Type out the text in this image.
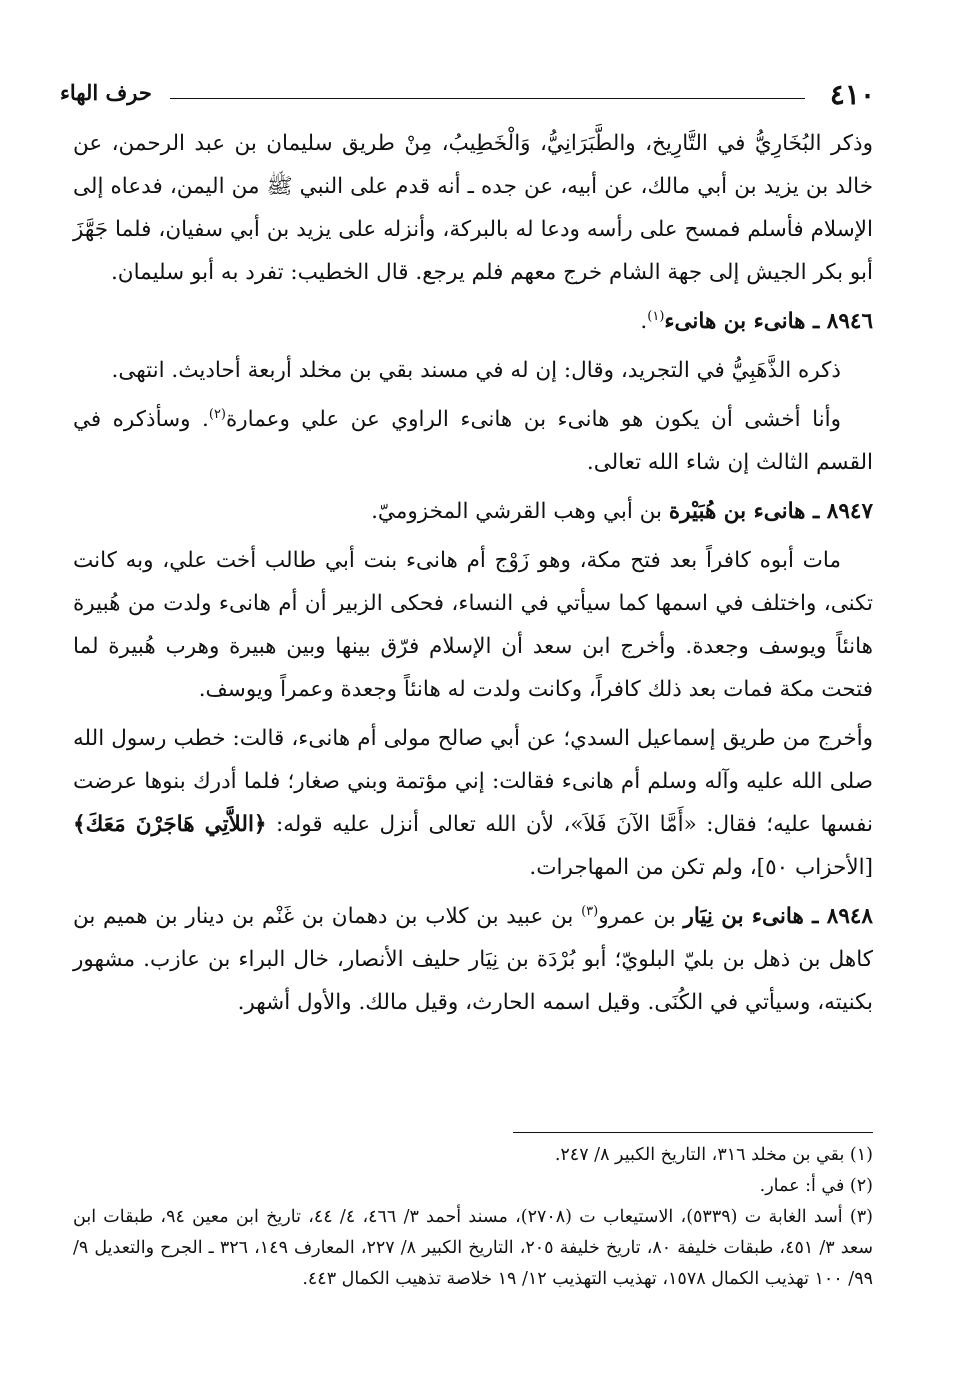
٤١٠
حرف الهاء

وذكر البُخَارِيُّ في التَّارِيخ، والطَّبَرَانِيُّ، وَالْخَطِيبُ، مِنْ طريق سليمان بن عبد الرحمن، عن خالد بن يزيد بن أبي مالك، عن أبيه، عن جده ـ أنه قدم على النبي ﷺ من اليمن، فدعاه إلى الإسلام فأسلم فمسح على رأسه ودعا له بالبركة، وأنزله على يزيد بن أبي سفيان، فلما جَهَّزَ أبو بكر الجيش إلى جهة الشام خرج معهم فلم يرجع. قال الخطيب: تفرد به أبو سليمان.

٨٩٤٦ ـ هانىء بن هانىء$^{(١)}$.

ذكره الذَّهَبِيُّ في التجريد، وقال: إن له في مسند بقي بن مخلد أربعة أحاديث. انتهى.

وأنا أخشى أن يكون هو هانىء بن هانىء الراوي عن علي وعمارة$^{(٢)}$. وسأذكره في القسم الثالث إن شاء الله تعالى.

٨٩٤٧ ـ هانىء بن هُبَيْرة بن أبي وهب القرشي المخزوميّ.

مات أبوه كافراً بعد فتح مكة، وهو زَوْج أم هانىء بنت أبي طالب أخت علي، وبه كانت تكنى، واختلف في اسمها كما سيأتي في النساء، فحكى الزبير أن أم هانىء ولدت من هُبيرة هانئاً ويوسف وجعدة. وأخرج ابن سعد أن الإسلام فرّق بينها وبين هبيرة وهرب هُبيرة لما فتحت مكة فمات بعد ذلك كافراً، وكانت ولدت له هانئاً وجعدة وعمراً ويوسف.

وأخرج من طريق إسماعيل السدي؛ عن أبي صالح مولى أم هانىء، قالت: خطب رسول الله صلى الله عليه وآله وسلم أم هانىء فقالت: إني مؤتمة وبني صغار؛ فلما أدرك بنوها عرضت نفسها عليه؛ فقال: «أَمَّا الآنَ فَلاَ»، لأن الله تعالى أنزل عليه قوله: ﴿اللاَّتِي هَاجَرْنَ مَعَكَ﴾ [الأحزاب ٥٠]، ولم تكن من المهاجرات.

٨٩٤٨ ـ هانىء بن نِيَار بن عمرو$^{(٣)}$ بن عبيد بن كلاب بن دهمان بن غَنْم بن دينار بن هميم بن كاهل بن ذهل بن بليّ البلويّ؛ أبو بُرْدَة بن نِيَار حليف الأنصار، خال البراء بن عازب. مشهور بكنيته، وسيأتي في الكُنَى. وقيل اسمه الحارث، وقيل مالك. والأول أشهر.

(١) بقي بن مخلد ٣١٦، التاريخ الكبير ٨/ ٢٤٧.

(٢) في أ: عمار.

(٣) أسد الغابة ت (٥٣٣٩)، الاستيعاب ت (٢٧٠٨)، مسند أحمد ٣/ ٤٦٦، ٤/ ٤٤، تاريخ ابن معين ٩٤، طبقات ابن سعد ٣/ ٤٥١، طبقات خليفة ٨٠، تاريخ خليفة ٢٠٥، التاريخ الكبير ٨/ ٢٢٧، المعارف ١٤٩، ٣٢٦ ـ الجرح والتعديل ٩/ ٩٩/ ١٠٠ تهذيب الكمال ١٥٧٨، تهذيب التهذيب ١٢/ ١٩ خلاصة تذهيب الكمال ٤٤٣.
